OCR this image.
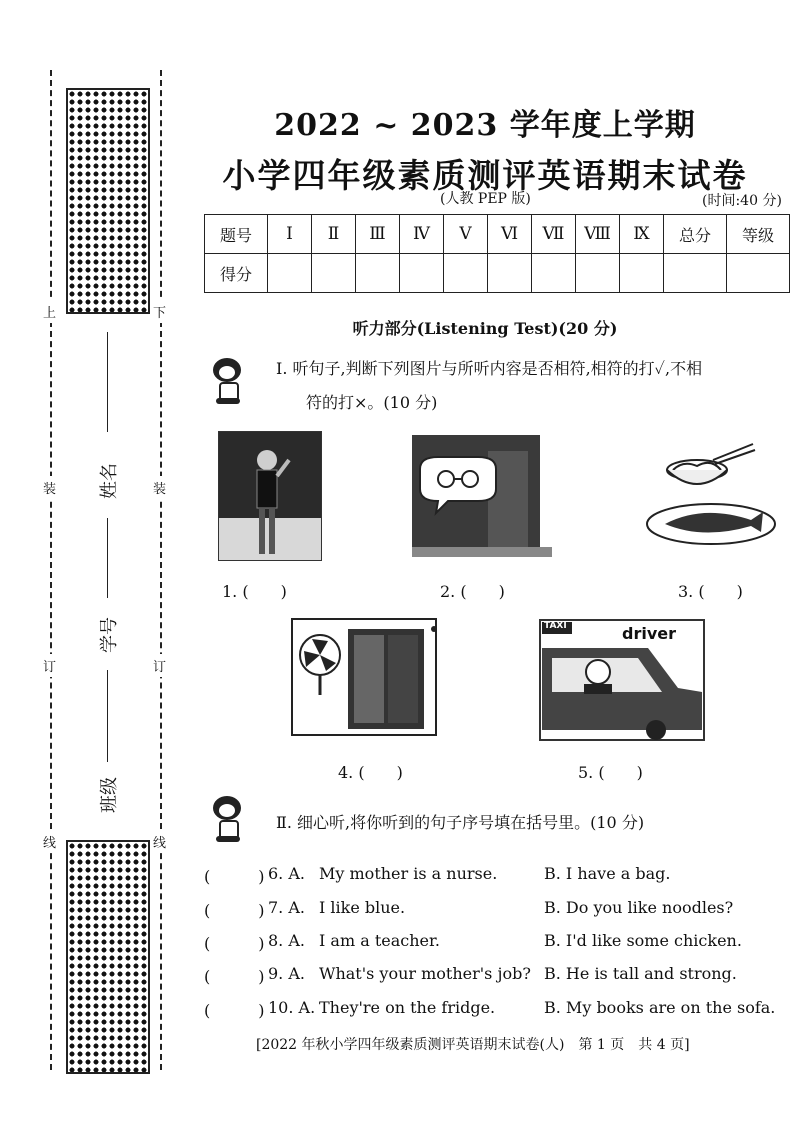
上	下
装	装
订	订
线	线
姓名
学号
班级
2022 ~ 2023 学年度上学期
小学四年级素质测评英语期末试卷
(人教 PEP 版)	(时间:40 分)
题号	Ⅰ	Ⅱ	Ⅲ	Ⅳ	Ⅴ	Ⅵ	Ⅶ	Ⅷ	Ⅸ	总分	等级
得分											
听力部分(Listening Test)(20 分)
Ⅰ. 听句子,判断下列图片与所听内容是否相符,相符的打✓,不相
符的打×。(10 分)
1. (　　)	2. (　　)	3. (　　)
4. (　　)
TAXI	driver
5. (　　)
Ⅱ. 细心听,将你听到的句子序号填在括号里。(10 分)
(　　　) 6. A. My mother is a nurse.	B. I have a bag.
(　　　) 7. A. I like blue.	B. Do you like noodles?
(　　　) 8. A. I am a teacher.	B. I'd like some chicken.
(　　　) 9. A. What's your mother's job? B. He is tall and strong.
(　　　) 10. A. They're on the fridge.	B. My books are on the sofa.
[2022 年秋小学四年级素质测评英语期末试卷(人)　第 1 页　共 4 页]
